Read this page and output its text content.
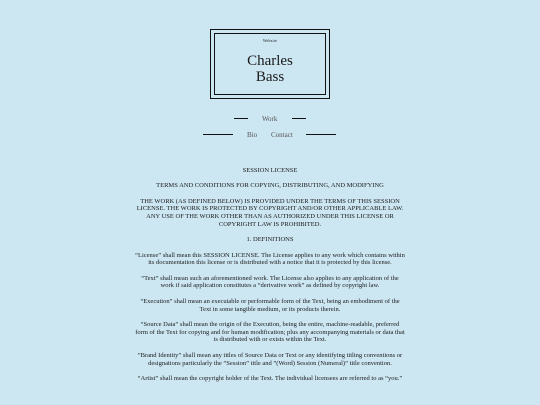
Website
Charles
Bass
Work
Bio Contact

SESSION LICENSE

TERMS AND CONDITIONS FOR COPYING, DISTRIBUTING, AND MODIFYING

THE WORK (AS DEFINED BELOW) IS PROVIDED UNDER THE TERMS OF THIS SESSION LICENSE. THE WORK IS PROTECTED BY COPYRIGHT AND/OR OTHER APPLICABLE LAW. ANY USE OF THE WORK OTHER THAN AS AUTHORIZED UNDER THIS LICENSE OR COPYRIGHT LAW IS PROHIBITED.

1. DEFINITIONS

“License” shall mean this SESSION LICENSE. The License applies to any work which contains within its documentation this license or is distributed with a notice that it is protected by this license.

“Text” shall mean such an aforementioned work. The License also applies to any application of the work if said application constitutes a “derivative work” as defined by copyright law.

“Execution” shall mean an executable or performable form of the Text, being an embodiment of the Text in some tangible medium, or its products therein.

“Source Data” shall mean the origin of the Execution, being the entire, machine-readable, preferred form of the Text for copying and for human modification; plus any accompanying materials or data that is distributed with or exists within the Text.

”Brand Identity” shall mean any titles of Source Data or Text or any identifying titling conventions or designations particularly the ”Session” title and ”(Word) Session (Numeral)” title convention.

“Artist” shall mean the copyright holder of the Text. The individual licensees are referred to as “you.”
